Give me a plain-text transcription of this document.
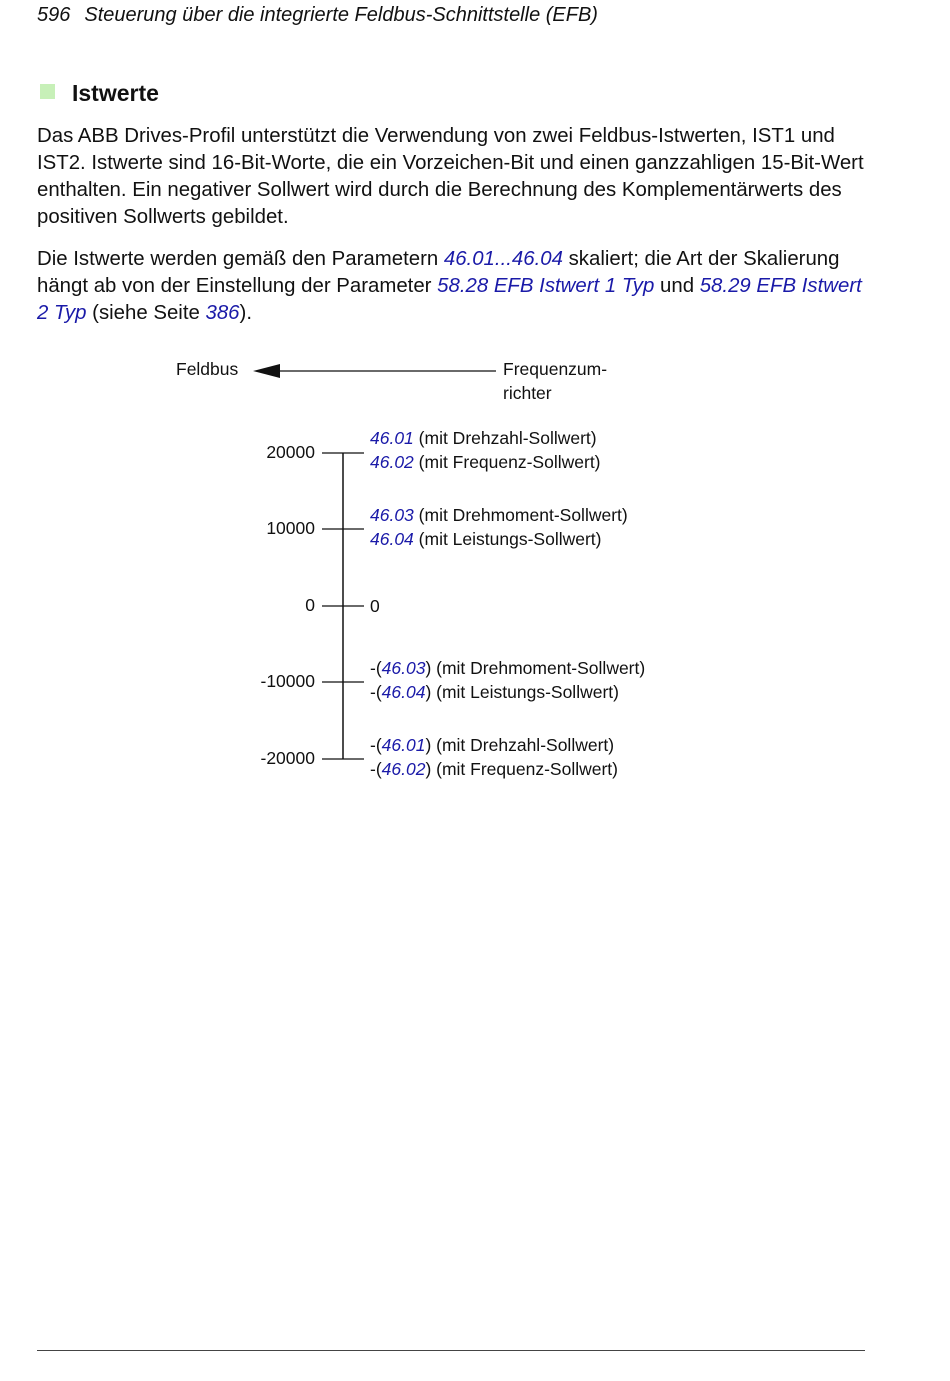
596 Steuerung über die integrierte Feldbus-Schnittstelle (EFB)
Istwerte

Das ABB Drives-Profil unterstützt die Verwendung von zwei Feldbus-Istwerten, IST1 und IST2. Istwerte sind 16-Bit-Worte, die ein Vorzeichen-Bit und einen ganzzahligen 15-Bit-Wert enthalten. Ein negativer Sollwert wird durch die Berechnung des Komplementärwerts des positiven Sollwerts gebildet.

Die Istwerte werden gemäß den Parametern 46.01...46.04 skaliert; die Art der Skalierung hängt ab von der Einstellung der Parameter 58.28 EFB Istwert 1 Typ und 58.29 EFB Istwert 2 Typ (siehe Seite 386).

Feldbus	Frequenzum-
richter
20000
10000
0
-10000
-20000
46.01 (mit Drehzahl-Sollwert)
46.02 (mit Frequenz-Sollwert)
46.03 (mit Drehmoment-Sollwert)
46.04 (mit Leistungs-Sollwert)
0
-(46.03) (mit Drehmoment-Sollwert)
-(46.04) (mit Leistungs-Sollwert)
-(46.01) (mit Drehzahl-Sollwert)
-(46.02) (mit Frequenz-Sollwert)
